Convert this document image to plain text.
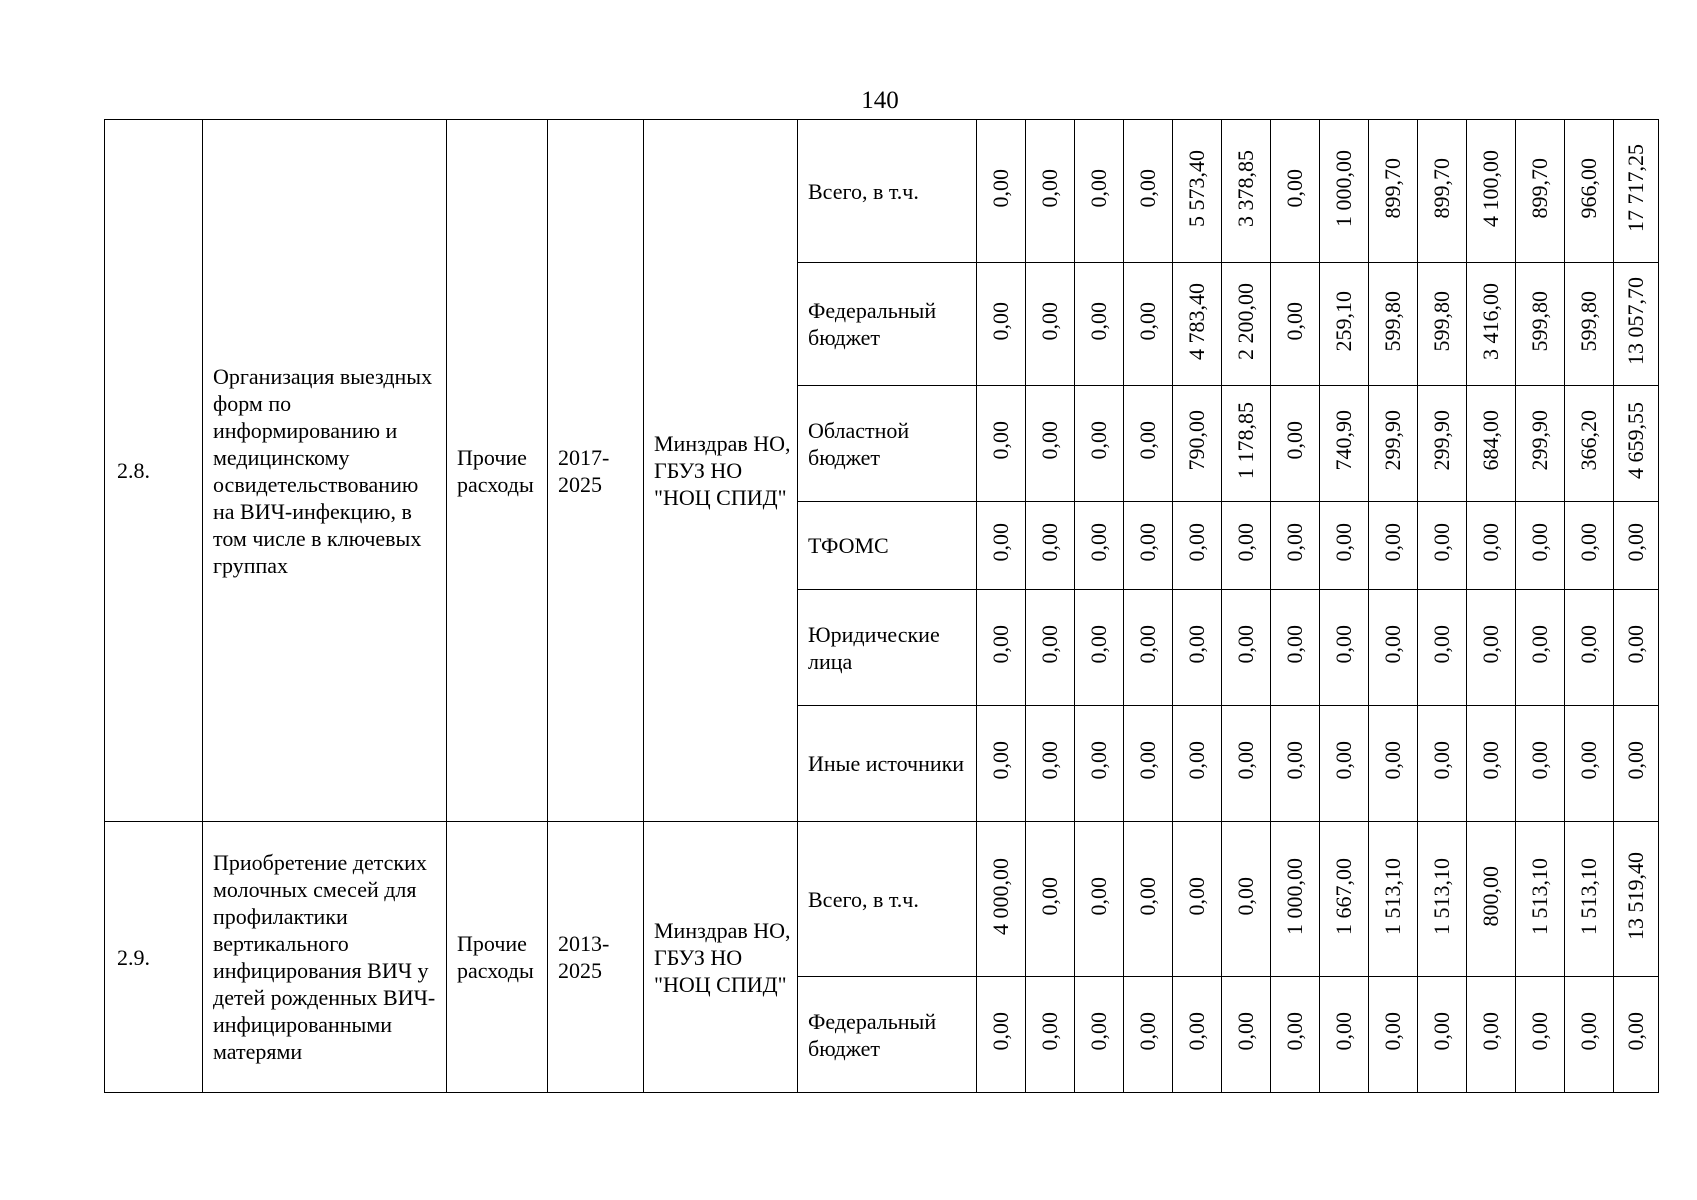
140
2.8.	Организация выездных форм по информированию и медицинскому освидетельствованию на ВИЧ-инфекцию, в том числе в ключевых группах	Прочие расходы	2017-2025	Минздрав НО, ГБУЗ НО "НОЦ СПИД"	Всего, в т.ч.	0,00	0,00	0,00	0,00	5 573,40	3 378,85	0,00	1 000,00	899,70	899,70	4 100,00	899,70	966,00	17 717,25
					Федеральный бюджет	0,00	0,00	0,00	0,00	4 783,40	2 200,00	0,00	259,10	599,80	599,80	3 416,00	599,80	599,80	13 057,70
					Областной бюджет	0,00	0,00	0,00	0,00	790,00	1 178,85	0,00	740,90	299,90	299,90	684,00	299,90	366,20	4 659,55
					ТФОМС	0,00	0,00	0,00	0,00	0,00	0,00	0,00	0,00	0,00	0,00	0,00	0,00	0,00	0,00
					Юридические лица	0,00	0,00	0,00	0,00	0,00	0,00	0,00	0,00	0,00	0,00	0,00	0,00	0,00	0,00
					Иные источники	0,00	0,00	0,00	0,00	0,00	0,00	0,00	0,00	0,00	0,00	0,00	0,00	0,00	0,00
2.9.	Приобретение детских молочных смесей для профилактики вертикального инфицирования ВИЧ у детей рожденных ВИЧ-инфицированными матерями	Прочие расходы	2013-2025	Минздрав НО, ГБУЗ НО "НОЦ СПИД"	Всего, в т.ч.	4 000,00	0,00	0,00	0,00	0,00	0,00	1 000,00	1 667,00	1 513,10	1 513,10	800,00	1 513,10	1 513,10	13 519,40
					Федеральный бюджет	0,00	0,00	0,00	0,00	0,00	0,00	0,00	0,00	0,00	0,00	0,00	0,00	0,00	0,00
